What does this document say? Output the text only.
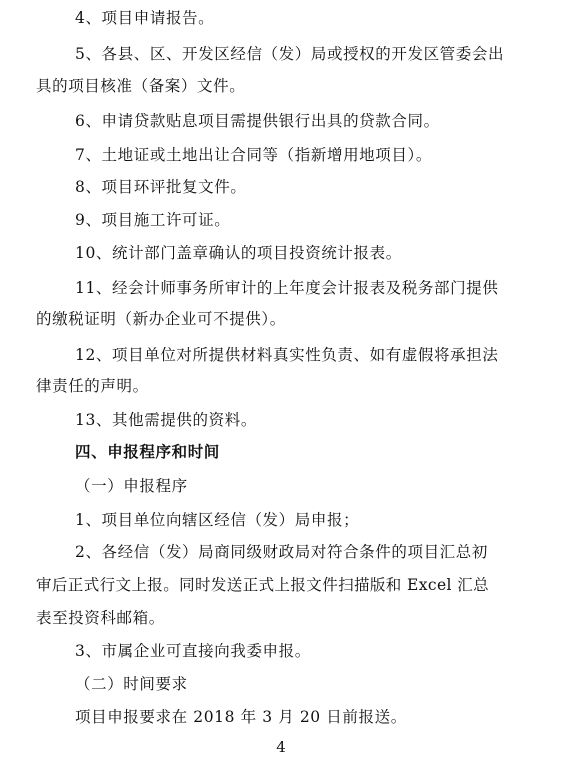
4、项目申请报告。
5、各县、区、开发区经信（发）局或授权的开发区管委会出
具的项目核准（备案）文件。
6、申请贷款贴息项目需提供银行出具的贷款合同。
7、土地证或土地出让合同等（指新增用地项目）。
8、项目环评批复文件。
9、项目施工许可证。
10、统计部门盖章确认的项目投资统计报表。
11、经会计师事务所审计的上年度会计报表及税务部门提供
的缴税证明（新办企业可不提供）。
12、项目单位对所提供材料真实性负责、如有虚假将承担法
律责任的声明。
13、其他需提供的资料。
四、申报程序和时间
（一）申报程序
1、项目单位向辖区经信（发）局申报；
2、各经信（发）局商同级财政局对符合条件的项目汇总初
审后正式行文上报。同时发送正式上报文件扫描版和 Excel 汇总
表至投资科邮箱。
3、市属企业可直接向我委申报。
（二）时间要求
项目申报要求在 2018 年 3 月 20 日前报送。
4
